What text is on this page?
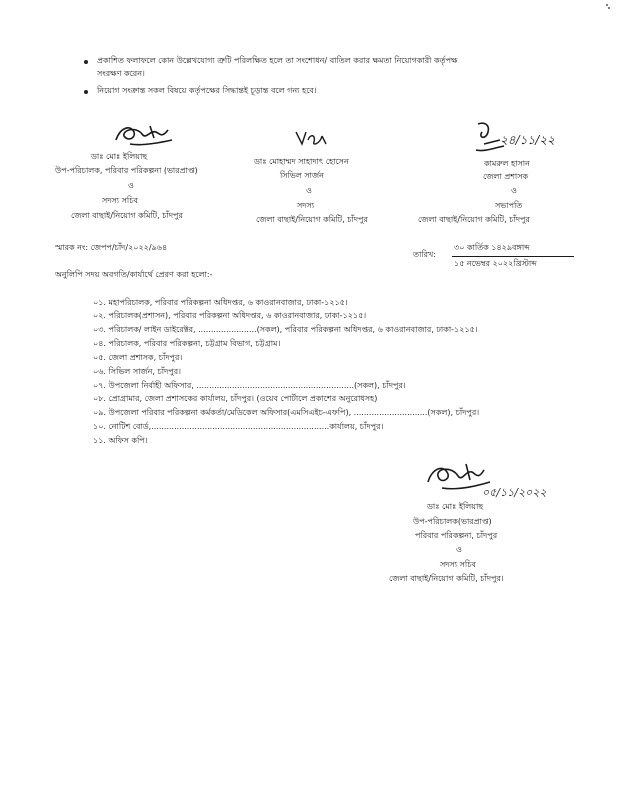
প্রকাশিত ফলাফলে কোন উল্লেখযোগ্য ত্রুটি পরিলক্ষিত হলে তা সংশোধন/ বাতিল করার ক্ষমতা নিয়োগকারী কর্তৃপক্ষ
সংরক্ষণ করেন।
নিয়োগ সংক্রান্ত সকল বিষয়ে কর্তৃপক্ষের সিদ্ধান্তই চূড়ান্ত বলে গন্য হবে।
ডাঃ মোঃ ইলিয়াছ
উপ-পরিচালক, পরিবার পরিকল্পনা (ভারপ্রাপ্ত)
ও
সদস্য সচিব
জেলা বাছাই/নিয়োগ কমিটি, চাঁদপুর
ডাঃ মোহাম্মদ সাহাদাৎ হোসেন
সিভিল সার্জন
ও
সদস্য
জেলা বাছাই/নিয়োগ কমিটি, চাঁদপুর
২৪/১১/২২
কামরুল হাসান
জেলা প্রশাসক
ও
সভাপতি
জেলা বাছাই/নিয়োগ কমিটি, চাঁদপুর
স্মারক নং: জেপপ/চাঁদ/২০২২/৯৬৪
তারিখ:
৩০ কার্তিক ১৪২৯বঙ্গাব্দ
১৫ নভেম্বর ২০২২খ্রিস্টাব্দ
অনুলিপি সদয় অবগতি/কার্যার্থে প্রেরণ করা হলো:-
০১. মহাপরিচালক, পরিবার পরিকল্পনা অধিদপ্তর, ৬ কাওরানবাজার, ঢাকা-১২১৫।
০২. পরিচালক(প্রশাসন), পরিবার পরিকল্পনা অধিদপ্তর, ৬ কাওরানবাজার, ঢাকা-১২১৫।
০৩. পরিচালক/ লাইন ডাইরেক্টর, .......................(সকল), পরিবার পরিকল্পনা অধিদপ্তর, ৬ কাওরানবাজার, ঢাকা-১২১৫।
০৪. পরিচালক, পরিবার পরিকল্পনা, চট্টগ্রাম বিভাগ, চট্টগ্রাম।
০৫. জেলা প্রশাসক, চাঁদপুর।
০৬. সিভিল সার্জন, চাঁদপুর।
০৭. উপজেলা নির্বাহী অফিসার, ..............................................................(সকল), চাঁদপুর।
০৮. প্রোগ্রামার, জেলা প্রশাসকের কার্যালয়, চাঁদপুর। (ওয়েব পোর্টালে প্রকাশের অনুরোধসহ)
০৯. উপজেলা পরিবার পরিকল্পনা কর্মকর্তা/মেডিকেল অফিসার(এমসিএইচ-এফপি), .............................(সকল), চাঁদপুর।
১০. নোটিশ বোর্ড,......................................................................কার্যালয়, চাঁদপুর।
১১. অফিস কপি।
০৫/১১/২০২২
ডাঃ মোঃ ইলিয়াছ
উপ-পরিচালক(ভারপ্রাপ্ত)
পরিবার পরিকল্পনা, চাঁদপুর
ও
সদস্য সচিব
জেলা বাছাই/নিয়োগ কমিটি, চাঁদপুর।
